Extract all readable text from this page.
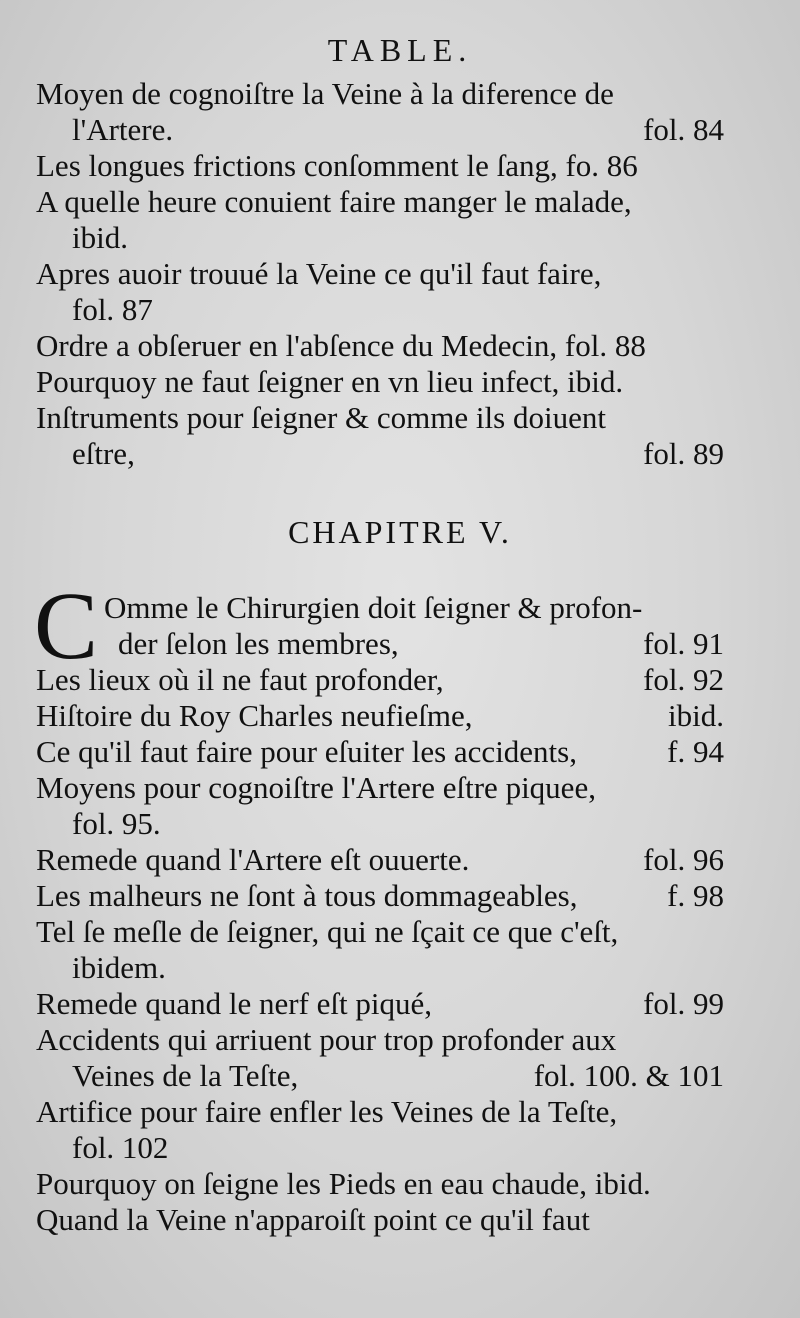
TABLE.
Moyen de cognoiſtre la Veine à la diference de
l'Artere.	fol. 84
Les longues frictions conſomment le ſang, fo. 86
A quelle heure conuient faire manger le malade,
ibid.
Apres auoir trouué la Veine ce qu'il faut faire,
fol. 87
Ordre a obſeruer en l'abſence du Medecin, fol. 88
Pourquoy ne faut ſeigner en vn lieu infect, ibid.
Inſtruments pour ſeigner & comme ils doiuent
eſtre,	fol. 89
CHAPITRE V.
C Omme le Chirurgien doit ſeigner & profon-
der ſelon les membres,	fol. 91
Les lieux où il ne faut profonder,	fol. 92
Hiſtoire du Roy Charles neufieſme,	ibid.
Ce qu'il faut faire pour eſuiter les accidents,	f. 94
Moyens pour cognoiſtre l'Artere eſtre piquee,
fol. 95.
Remede quand l'Artere eſt ouuerte.	fol. 96
Les malheurs ne ſont à tous dommageables,	f. 98
Tel ſe meſle de ſeigner, qui ne ſçait ce que c'eſt,
ibidem.
Remede quand le nerf eſt piqué,	fol. 99
Accidents qui arriuent pour trop profonder aux
Veines de la Teſte,	fol. 100. & 101
Artifice pour faire enfler les Veines de la Teſte,
fol. 102
Pourquoy on ſeigne les Pieds en eau chaude, ibid.
Quand la Veine n'apparoiſt point ce qu'il faut
